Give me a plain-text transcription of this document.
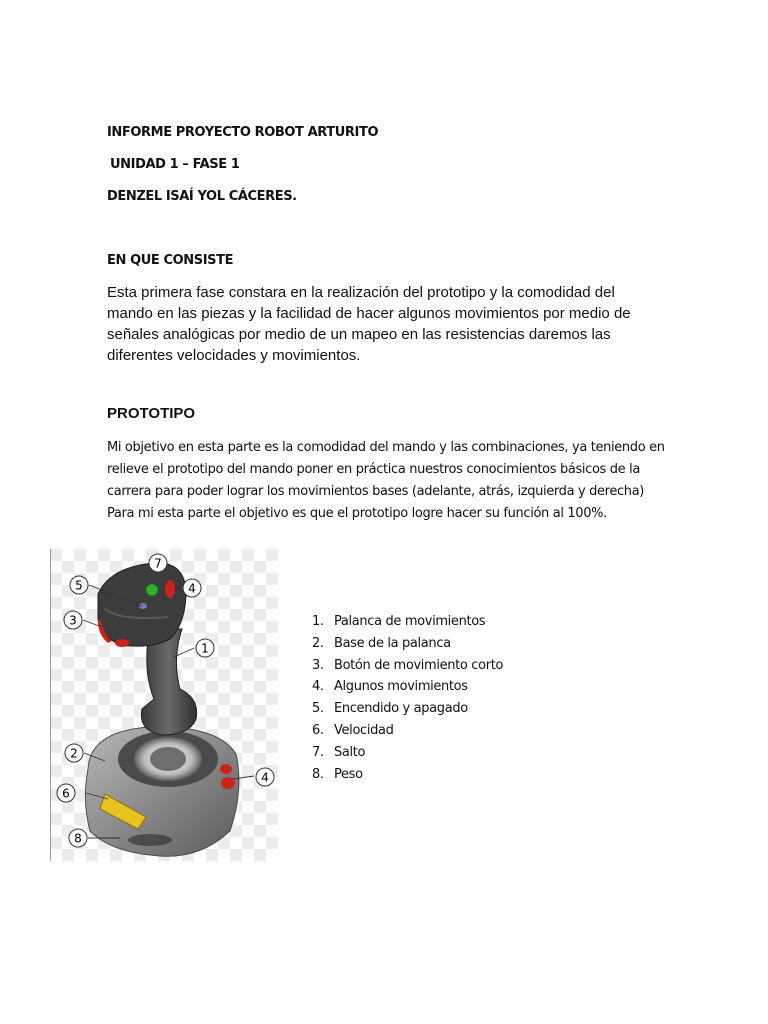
INFORME PROYECTO ROBOT ARTURITO
UNIDAD 1 – FASE 1
DENZEL ISAÍ YOL CÁCERES.
EN QUE CONSISTE
Esta primera fase constara en la realización del prototipo y la comodidad del mando en las piezas y la facilidad de hacer algunos movimientos por medio de señales analógicas por medio de un mapeo en las resistencias daremos las diferentes velocidades y movimientos.
PROTOTIPO

Mi objetivo en esta parte es la comodidad del mando y las combinaciones, ya teniendo en relieve el prototipo del mando poner en práctica nuestros conocimientos básicos de la carrera para poder lograr los movimientos bases (adelante, atrás, izquierda y derecha)

Para mi esta parte el objetivo es que el prototipo logre hacer su función al 100%.

7
5	4
3
1
2
4
6
8
1. Palanca de movimientos
2. Base de la palanca
3. Botón de movimiento corto
4. Algunos movimientos
5. Encendido y apagado
6. Velocidad
7. Salto
8. Peso
